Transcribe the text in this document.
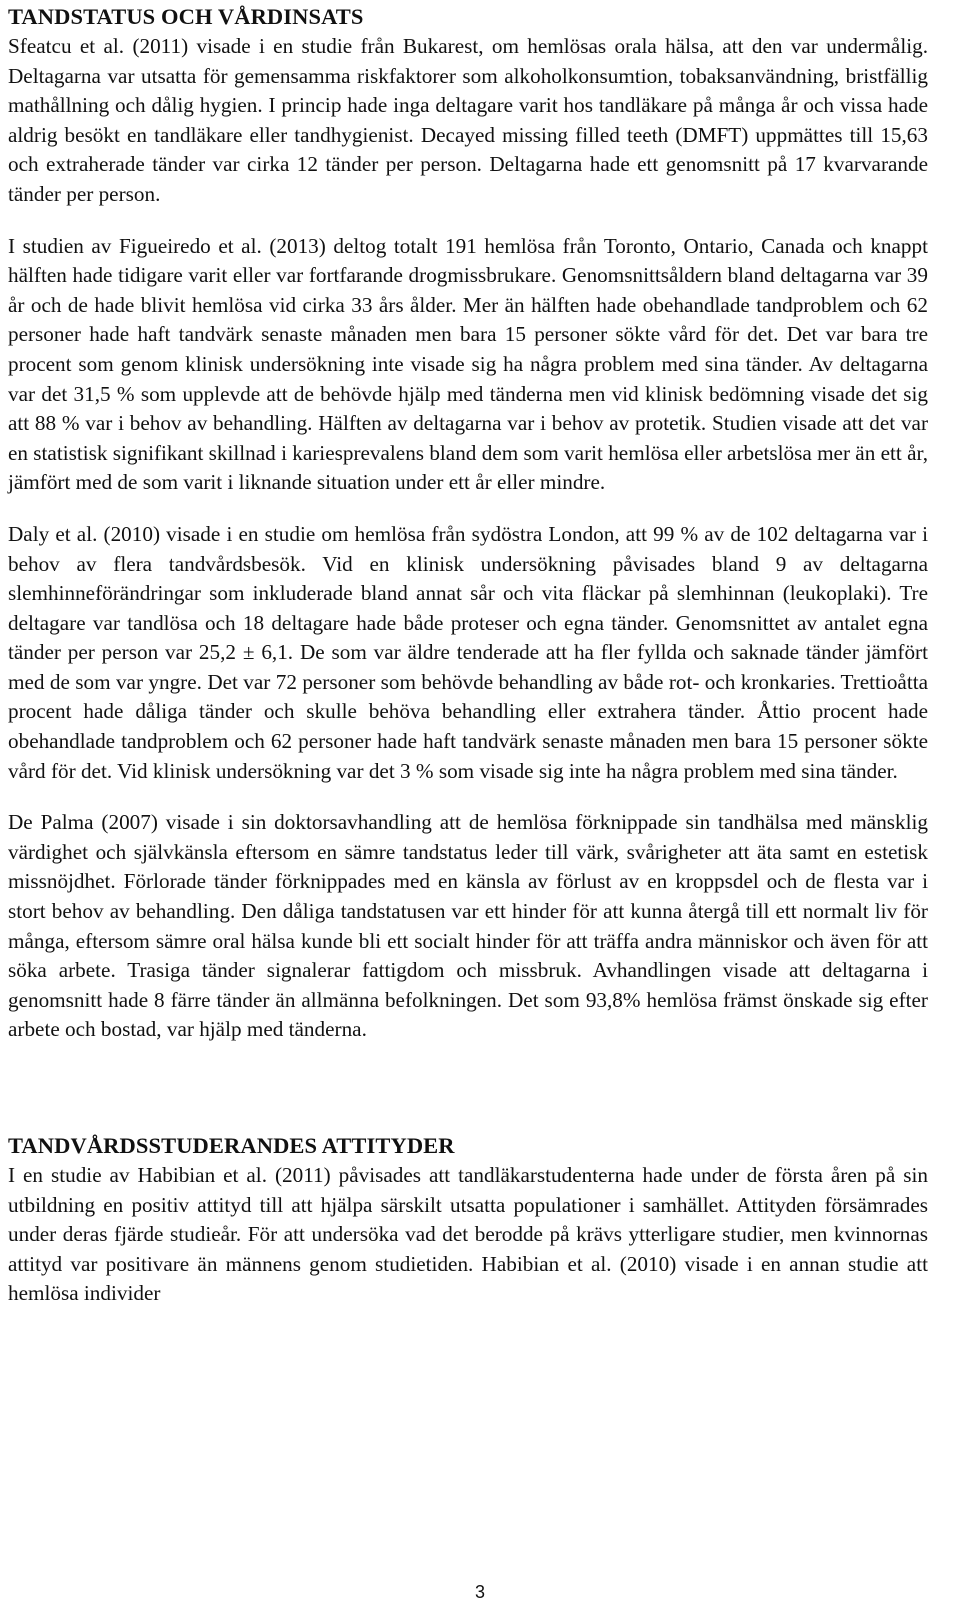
TANDSTATUS OCH VÅRDINSATS

Sfeatcu et al. (2011) visade i en studie från Bukarest, om hemlösas orala hälsa, att den var undermålig. Deltagarna var utsatta för gemensamma riskfaktorer som alkoholkonsumtion, tobaksanvändning, bristfällig mathållning och dålig hygien. I princip hade inga deltagare varit hos tandläkare på många år och vissa hade aldrig besökt en tandläkare eller tandhygienist. Decayed missing filled teeth (DMFT) uppmättes till 15,63 och extraherade tänder var cirka 12 tänder per person. Deltagarna hade ett genomsnitt på 17 kvarvarande tänder per person.

I studien av Figueiredo et al. (2013) deltog totalt 191 hemlösa från Toronto, Ontario, Canada och knappt hälften hade tidigare varit eller var fortfarande drogmissbrukare. Genomsnittsåldern bland deltagarna var 39 år och de hade blivit hemlösa vid cirka 33 års ålder. Mer än hälften hade obehandlade tandproblem och 62 personer hade haft tandvärk senaste månaden men bara 15 personer sökte vård för det. Det var bara tre procent som genom klinisk undersökning inte visade sig ha några problem med sina tänder. Av deltagarna var det 31,5 % som upplevde att de behövde hjälp med tänderna men vid klinisk bedömning visade det sig att 88 % var i behov av behandling. Hälften av deltagarna var i behov av protetik. Studien visade att det var en statistisk signifikant skillnad i kariesprevalens bland dem som varit hemlösa eller arbetslösa mer än ett år, jämfört med de som varit i liknande situation under ett år eller mindre.

Daly et al. (2010) visade i en studie om hemlösa från sydöstra London, att 99 % av de 102 deltagarna var i behov av flera tandvårdsbesök. Vid en klinisk undersökning påvisades bland 9 av deltagarna slemhinneförändringar som inkluderade bland annat sår och vita fläckar på slemhinnan (leukoplaki). Tre deltagare var tandlösa och 18 deltagare hade både proteser och egna tänder. Genomsnittet av antalet egna tänder per person var 25,2 ± 6,1. De som var äldre tenderade att ha fler fyllda och saknade tänder jämfört med de som var yngre. Det var 72 personer som behövde behandling av både rot- och kronkaries. Trettioåtta procent hade dåliga tänder och skulle behöva behandling eller extrahera tänder. Åttio procent hade obehandlade tandproblem och 62 personer hade haft tandvärk senaste månaden men bara 15 personer sökte vård för det. Vid klinisk undersökning var det 3 % som visade sig inte ha några problem med sina tänder.

De Palma (2007) visade i sin doktorsavhandling att de hemlösa förknippade sin tandhälsa med mänsklig värdighet och självkänsla eftersom en sämre tandstatus leder till värk, svårigheter att äta samt en estetisk missnöjdhet. Förlorade tänder förknippades med en känsla av förlust av en kroppsdel och de flesta var i stort behov av behandling. Den dåliga tandstatusen var ett hinder för att kunna återgå till ett normalt liv för många, eftersom sämre oral hälsa kunde bli ett socialt hinder för att träffa andra människor och även för att söka arbete. Trasiga tänder signalerar fattigdom och missbruk. Avhandlingen visade att deltagarna i genomsnitt hade 8 färre tänder än allmänna befolkningen. Det som 93,8% hemlösa främst önskade sig efter arbete och bostad, var hjälp med tänderna.

TANDVÅRDSSTUDERANDES ATTITYDER

I en studie av Habibian et al. (2011) påvisades att tandläkarstudenterna hade under de första åren på sin utbildning en positiv attityd till att hjälpa särskilt utsatta populationer i samhället. Attityden försämrades under deras fjärde studieår. För att undersöka vad det berodde på krävs ytterligare studier, men kvinnornas attityd var positivare än männens genom studietiden. Habibian et al. (2010) visade i en annan studie att hemlösa individer

3
